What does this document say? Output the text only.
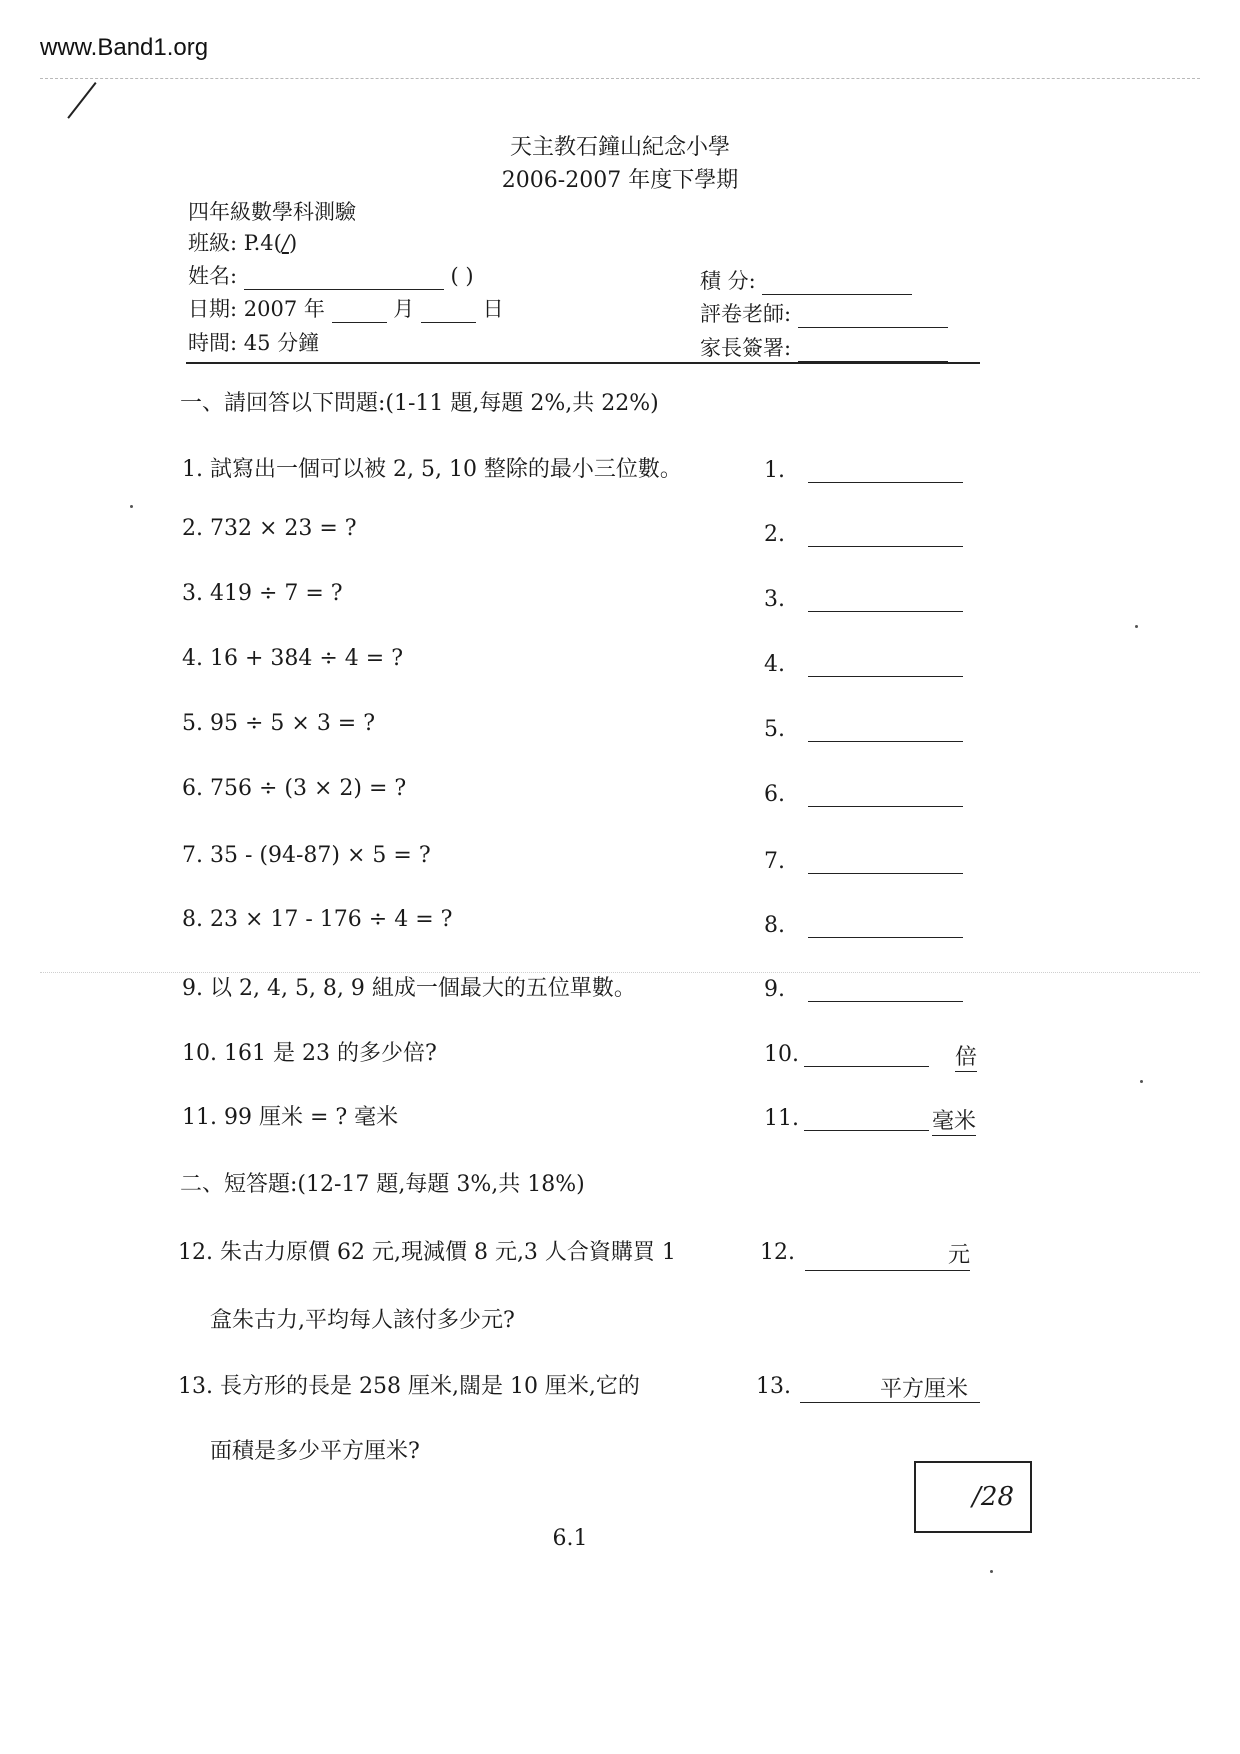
www.Band1.org
天主教石鐘山紀念小學
2006-2007 年度下學期
四年級數學科測驗
班級: P.4(/)
姓名:	( )
日期: 2007 年	月	日
時間: 45 分鐘
積 分:
評卷老師:
家長簽署:
一、請回答以下問題:(1-11 題,每題 2%,共 22%)
1. 試寫出一個可以被 2, 5, 10 整除的最小三位數。	1.
2. 732 × 23 = ?	2.
3. 419 ÷ 7 = ?	3.
4. 16 + 384 ÷ 4 = ?	4.
5. 95 ÷ 5 × 3 = ?	5.
6. 756 ÷ (3 × 2) = ?	6.
7. 35 - (94-87) × 5 = ?	7.
8. 23 × 17 - 176 ÷ 4 = ?	8.
9. 以 2, 4, 5, 8, 9 組成一個最大的五位單數。	9.
10. 161 是 23 的多少倍?	10.	倍
11. 99 厘米 = ? 毫米	11.	毫米
二、短答題:(12-17 題,每題 3%,共 18%)
12. 朱古力原價 62 元,現減價 8 元,3 人合資購買 1
盒朱古力,平均每人該付多少元?
12.	元
13. 長方形的長是 258 厘米,闊是 10 厘米,它的
面積是多少平方厘米?
13.	平方厘米
/28
6.1
